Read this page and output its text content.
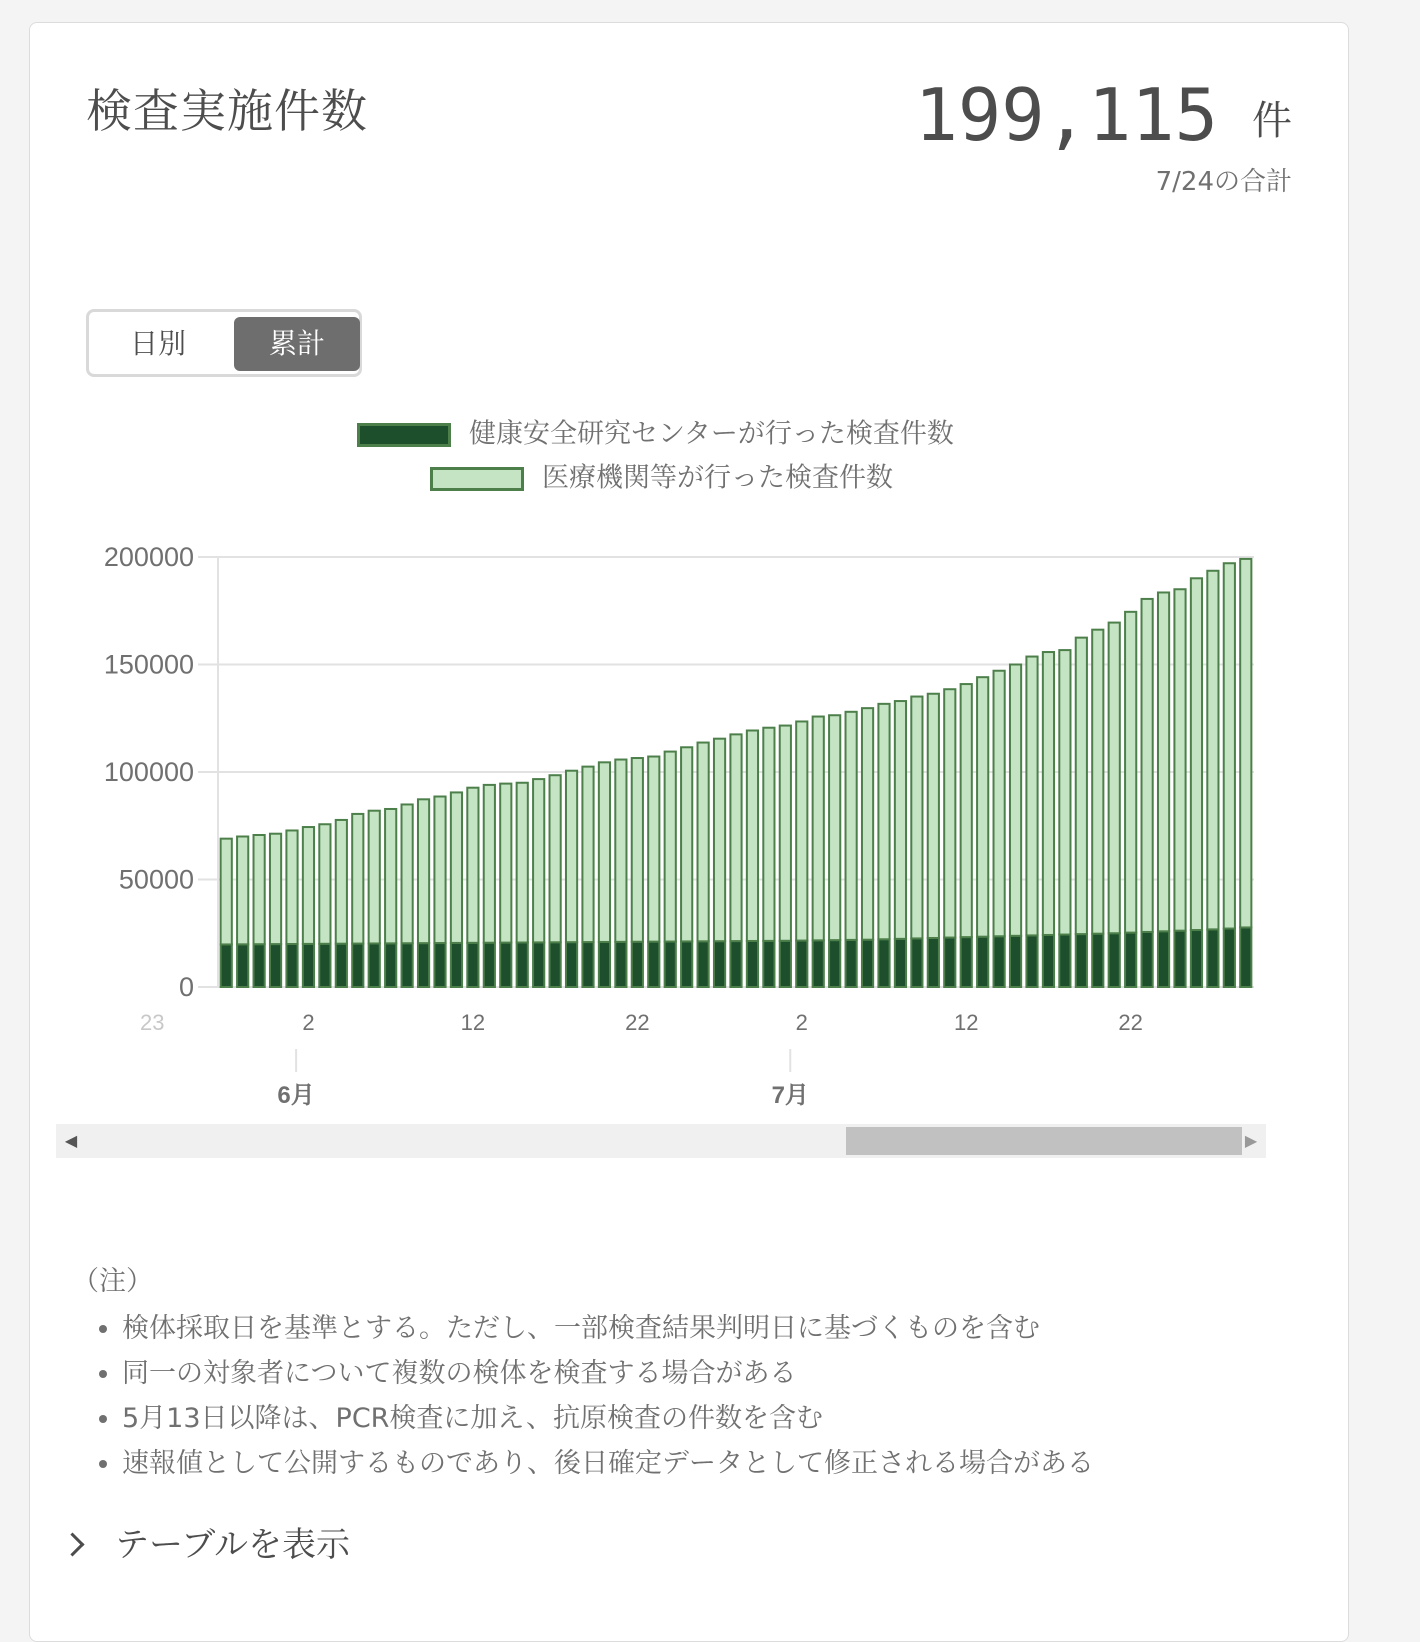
検査実施件数	199,115 件
7/24の合計
日別	累計
健康安全研究センターが行った検査件数
医療機関等が行った検査件数
0
50000
100000
150000
200000
23	2	12	22	2	12	22
6月	7月
◀	▶
（注）
• 検体採取日を基準とする。ただし、一部検査結果判明日に基づくものを含む
• 同一の対象者について複数の検体を検査する場合がある
• 5月13日以降は、PCR検査に加え、抗原検査の件数を含む
• 速報値として公開するものであり、後日確定データとして修正される場合がある
テーブルを表示
